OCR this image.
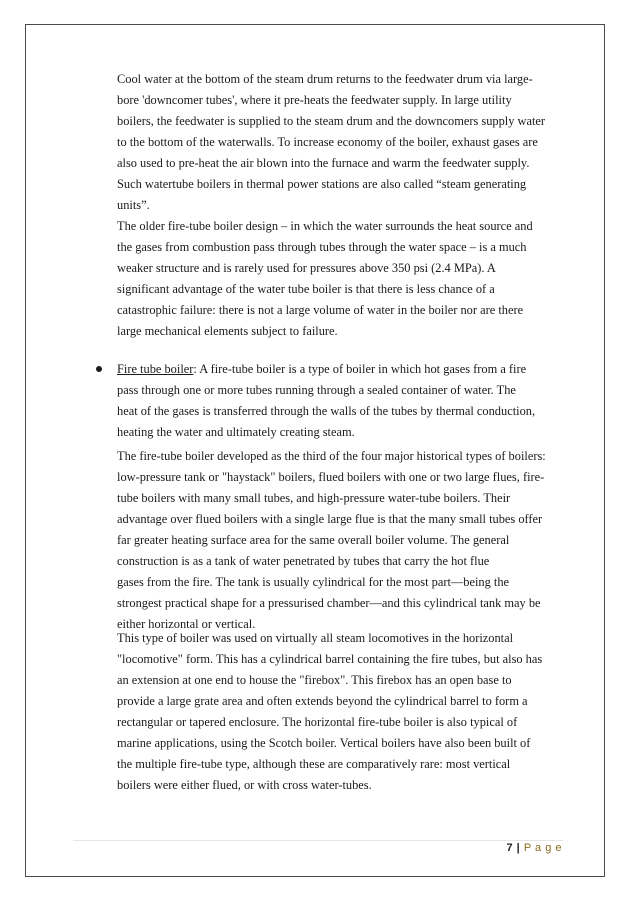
Cool water at the bottom of the steam drum returns to the feedwater drum via large-
bore 'downcomer tubes', where it pre-heats the feedwater supply. In large utility
boilers, the feedwater is supplied to the steam drum and the downcomers supply water
to the bottom of the waterwalls. To increase economy of the boiler, exhaust gases are
also used to pre-heat the air blown into the furnace and warm the feedwater supply.
Such watertube boilers in thermal power stations are also called “steam generating
units”.
The older fire-tube boiler design – in which the water surrounds the heat source and
the gases from combustion pass through tubes through the water space – is a much
weaker structure and is rarely used for pressures above 350 psi (2.4 MPa). A
significant advantage of the water tube boiler is that there is less chance of a
catastrophic failure: there is not a large volume of water in the boiler nor are there
large mechanical elements subject to failure.
Fire tube boiler: A fire-tube boiler is a type of boiler in which hot gases from a fire
pass through one or more tubes running through a sealed container of water. The
heat of the gases is transferred through the walls of the tubes by thermal conduction,
heating the water and ultimately creating steam.
The fire-tube boiler developed as the third of the four major historical types of boilers:
low-pressure tank or "haystack" boilers, flued boilers with one or two large flues, fire-
tube boilers with many small tubes, and high-pressure water-tube boilers. Their
advantage over flued boilers with a single large flue is that the many small tubes offer
far greater heating surface area for the same overall boiler volume. The general
construction is as a tank of water penetrated by tubes that carry the hot flue
gases from the fire. The tank is usually cylindrical for the most part—being the
strongest practical shape for a pressurised chamber—and this cylindrical tank may be
either horizontal or vertical.
This type of boiler was used on virtually all steam locomotives in the horizontal
"locomotive" form. This has a cylindrical barrel containing the fire tubes, but also has
an extension at one end to house the "firebox". This firebox has an open base to
provide a large grate area and often extends beyond the cylindrical barrel to form a
rectangular or tapered enclosure. The horizontal fire-tube boiler is also typical of
marine applications, using the Scotch boiler. Vertical boilers have also been built of
the multiple fire-tube type, although these are comparatively rare: most vertical
boilers were either flued, or with cross water-tubes.
7 | P a g e
